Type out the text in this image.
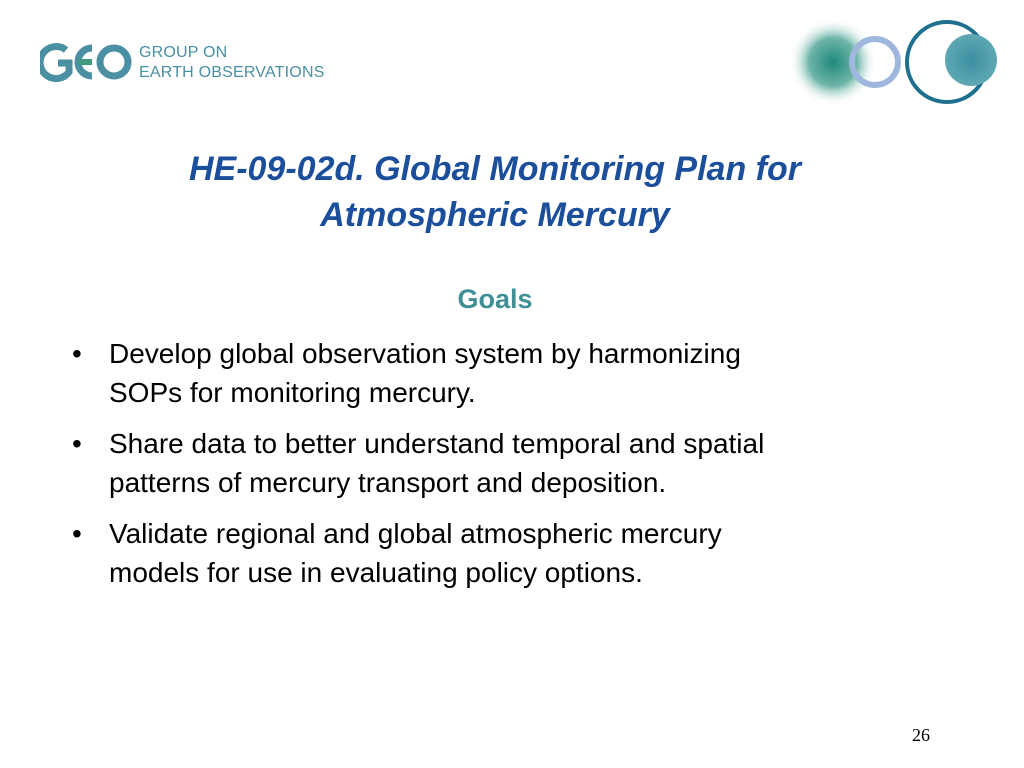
GROUP ON
EARTH OBSERVATIONS
HE-09-02d. Global Monitoring Plan for
Atmospheric Mercury
Goals
• Develop global observation system by harmonizing
SOPs for monitoring mercury.
• Share data to better understand temporal and spatial
patterns of mercury transport and deposition.
• Validate regional and global atmospheric mercury
models for use in evaluating policy options.
26
